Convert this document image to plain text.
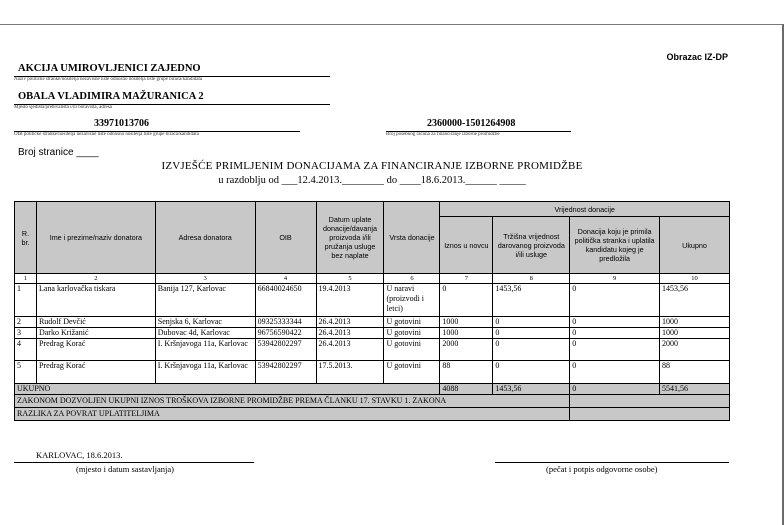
Obrazac IZ-DP
AKCIJA UMIROVLJENICI ZAJEDNO
Naziv političke stranke/nositelja nezavisne liste odnosno nositelja liste grupe birača/kandidata
OBALA VLADIMIRA MAŽURANICA 2
Mjesto sjedišta/prebivališta i/ili boravišta, adresa
33971013706
OIB političke stranke/nositelja nezavisne liste odnosno nositelja liste grupe birača/kandidata
2360000-1501264908
Broj posebnog računa za financiranje izborne promidžbe
Broj stranice ____
IZVJEŠĆE PRIMLJENIM DONACIJAMA ZA FINANCIRANJE IZBORNE PROMIDŽBE
u razdoblju od ___12.4.2013.________ do ____18.6.2013.______ _____
R. br.	Ime i prezime/naziv donatora	Adresa donatora	OIB	Datum uplate donacije/davanja proizvoda i/ili pružanja usluge bez naplate	Vrsta donacije	Vrijednost donacije			
						Iznos u novcu	Tržišna vrijednost darovanog proizvoda i/ili usluge	Donacija koju je primila politička stranka i uplatila kandidatu kojeg je predložila	Ukupno
1	2	3	4	5	6	7	8	9	10
1	Lana karlovačka tiskara	Banija 127, Karlovac	66840024650	19.4.2013	U naravi (proizvodi i letci)	0	1453,56	0	1453,56
2	Rudolf Devčić	Senjska 6, Karlovac	09325333344	26.4.2013	U gotovini	1000	0	0	1000
3	Darko Križanić	Dubovac 4d, Karlovac	96756590422	26.4.2013	U gotovini	1000	0	0	1000
4	Predrag Korać	I. Kršnjavoga 11a, Karlovac	53942802297	26.4.2013	U gotovini	2000	0	0	2000
5	Predrag Korać	I. Kršnjavoga 11a, Karlovac	53942802297	17.5.2013.	U gotovini	88	0	0	88
UKUPNO						4088	1453,56	0	5541,56
ZAKONOM DOZVOLJEN UKUPNI IZNOS TROŠKOVA IZBORNE PROMIDŽBE PREMA ČLANKU 17. STAVKU 1. ZAKONA									
RAZLIKA ZA POVRAT UPLATITELJIMA									
KARLOVAC, 18.6.2013.
(mjesto i datum sastavljanja)	(pečat i potpis odgovorne osobe)
